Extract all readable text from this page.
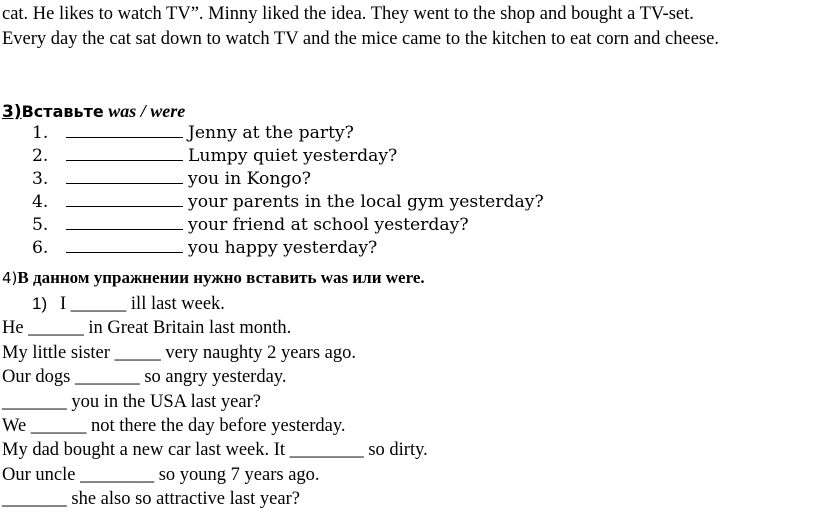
cat. He likes to watch TV”. Minny liked the idea. They went to the shop and bought a TV-set.
Every day the cat sat down to watch TV and the mice came to the kitchen to eat corn and cheese.
3)Вставьте was / were
1.	Jenny at the party?
2.	Lumpy quiet yesterday?
3.	you in Kongo?
4.	your parents in the local gym yesterday?
5.	your friend at school yesterday?
6.	you happy yesterday?
4)В данном упражнении нужно вставить was или were.
1) I ______ ill last week.
He ______ in Great Britain last month.
My little sister _____ very naughty 2 years ago.
Our dogs _______ so angry yesterday.
_______ you in the USA last year?
We ______ not there the day before yesterday.
My dad bought a new car last week. It ________ so dirty.
Our uncle ________ so young 7 years ago.
_______ she also so attractive last year?
